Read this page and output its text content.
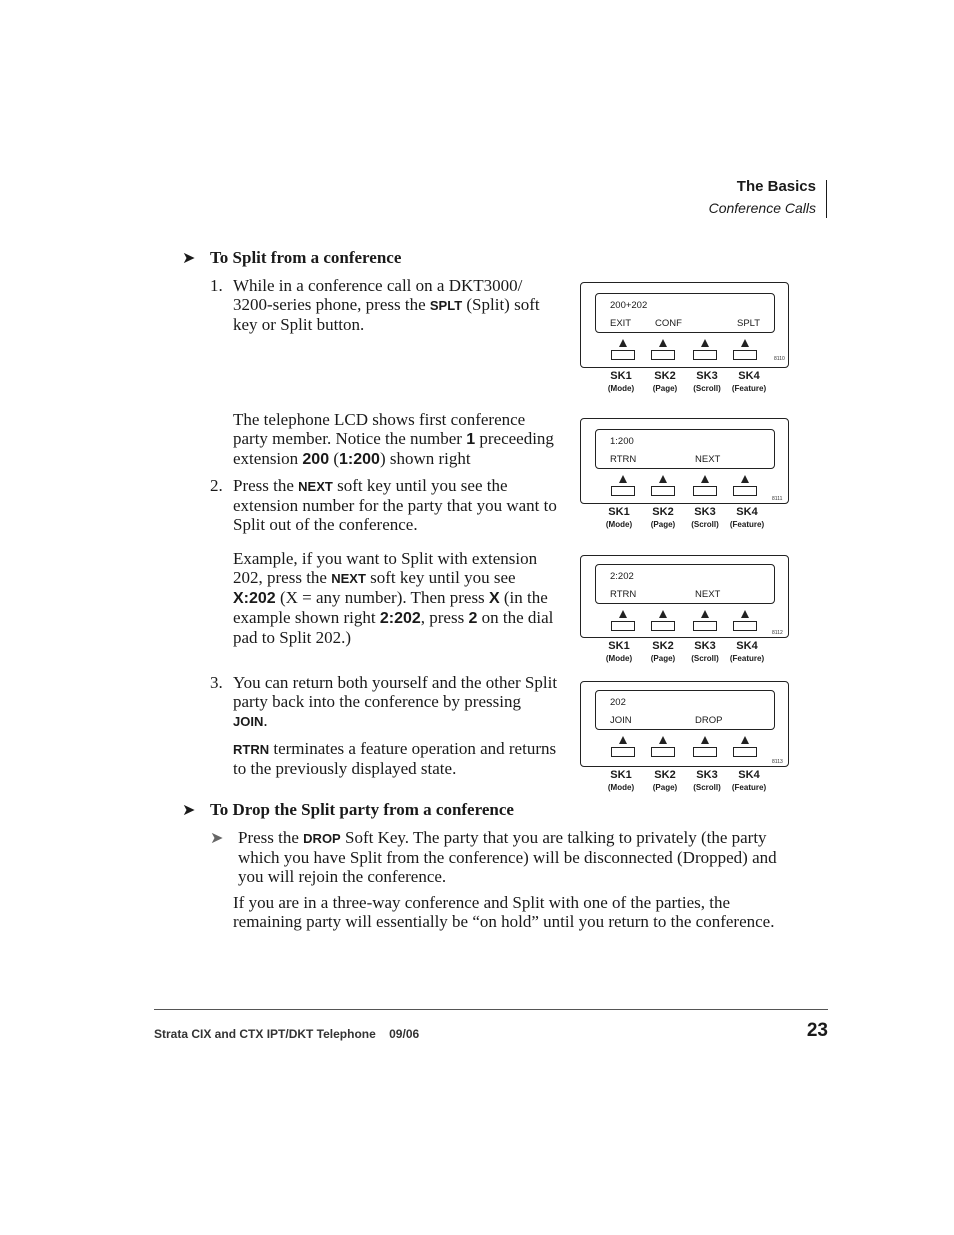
The Basics
Conference Calls
➤ To Split from a conference
1. While in a conference call on a DKT3000/
3200-series phone, press the SPLT (Split) soft
key or Split button.
The telephone LCD shows first conference
party member. Notice the number 1 preceeding
extension 200 (1:200) shown right
2. Press the NEXT soft key until you see the
extension number for the party that you want to
Split out of the conference.
Example, if you want to Split with extension
202, press the NEXT soft key until you see
X:202 (X = any number). Then press X (in the
example shown right 2:202, press 2 on the dial
pad to Split 202.)
3. You can return both yourself and the other Split
party back into the conference by pressing
JOIN.
RTRN terminates a feature operation and returns
to the previously displayed state.
➤ To Drop the Split party from a conference
➤ Press the DROP Soft Key. The party that you are talking to privately (the party
which you have Split from the conference) will be disconnected (Dropped) and
you will rejoin the conference.
If you are in a three-way conference and Split with one of the parties, the
remaining party will essentially be “on hold” until you return to the conference.
SK1
(Mode)
SK2
(Page)
SK3
(Scroll)
SK4
(Feature)
8110
200+202
EXIT	CONF	SPLT
SK1
(Mode)
SK2
(Page)
SK3
(Scroll)
SK4
(Feature)
8111
1:200
RTRN	NEXT
SK1
(Mode)
SK2
(Page)
SK3
(Scroll)
SK4
(Feature)
8112
2:202
RTRN	NEXT
SK1
(Mode)
SK2
(Page)
SK3
(Scroll)
SK4
(Feature)
8113
202
JOIN	DROP
Strata CIX and CTX IPT/DKT Telephone    09/06	23
